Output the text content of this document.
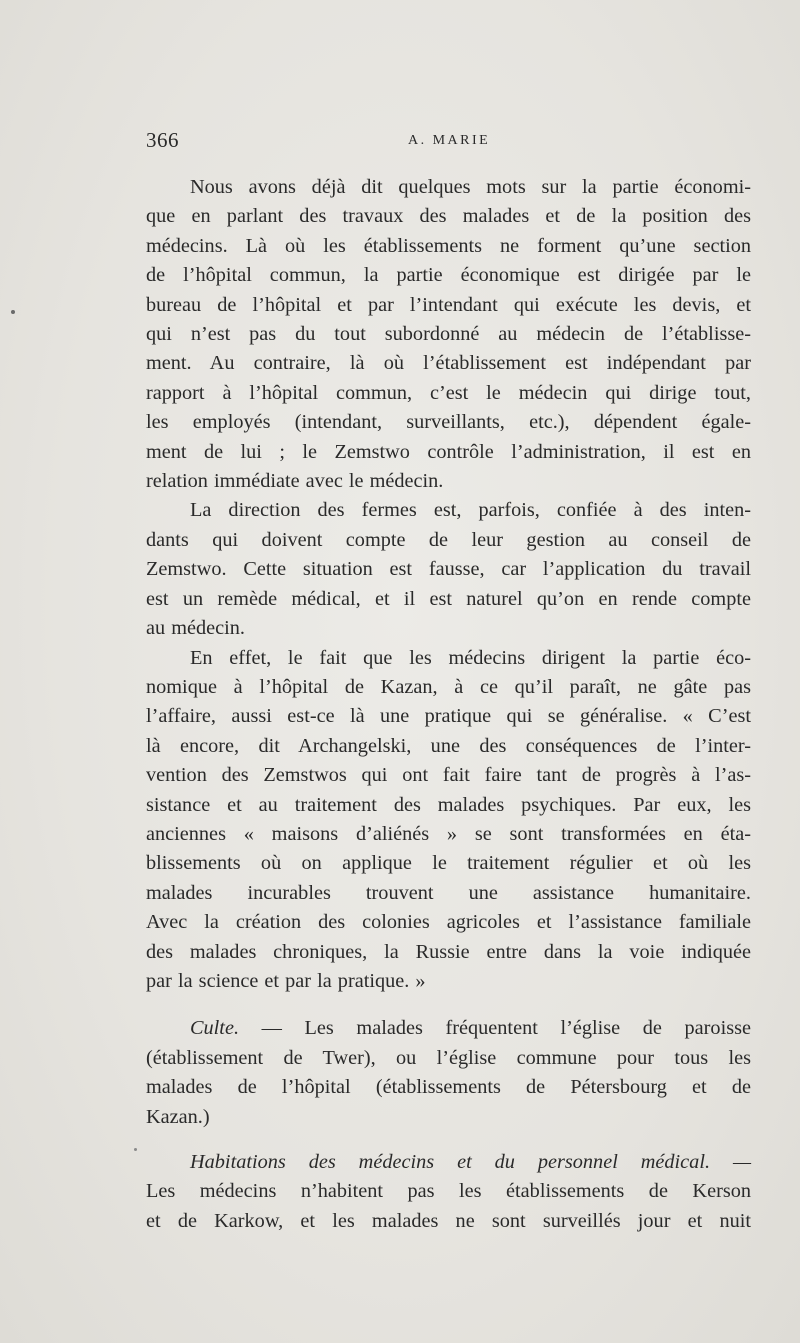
366	A. MARIE
Nous avons déjà dit quelques mots sur la partie économi-
que en parlant des travaux des malades et de la position des
médecins. Là où les établissements ne forment qu’une section
de l’hôpital commun, la partie économique est dirigée par le
bureau de l’hôpital et par l’intendant qui exécute les devis, et
qui n’est pas du tout subordonné au médecin de l’établisse-
ment. Au contraire, là où l’établissement est indépendant par
rapport à l’hôpital commun, c’est le médecin qui dirige tout,
les employés (intendant, surveillants, etc.), dépendent égale-
ment de lui ; le Zemstwo contrôle l’administration, il est en
relation immédiate avec le médecin.
La direction des fermes est, parfois, confiée à des inten-
dants qui doivent compte de leur gestion au conseil de
Zemstwo. Cette situation est fausse, car l’application du travail
est un remède médical, et il est naturel qu’on en rende compte
au médecin.
En effet, le fait que les médecins dirigent la partie éco-
nomique à l’hôpital de Kazan, à ce qu’il paraît, ne gâte pas
l’affaire, aussi est-ce là une pratique qui se généralise. « C’est
là encore, dit Archangelski, une des conséquences de l’inter-
vention des Zemstwos qui ont fait faire tant de progrès à l’as-
sistance et au traitement des malades psychiques. Par eux, les
anciennes « maisons d’aliénés » se sont transformées en éta-
blissements où on applique le traitement régulier et où les
malades incurables trouvent une assistance humanitaire.
Avec la création des colonies agricoles et l’assistance familiale
des malades chroniques, la Russie entre dans la voie indiquée
par la science et par la pratique. »
Culte. — Les malades fréquentent l’église de paroisse
(établissement de Twer), ou l’église commune pour tous les
malades de l’hôpital (établissements de Pétersbourg et de
Kazan.)
Habitations des médecins et du personnel médical. —
Les médecins n’habitent pas les établissements de Kerson
et de Karkow, et les malades ne sont surveillés jour et nuit
